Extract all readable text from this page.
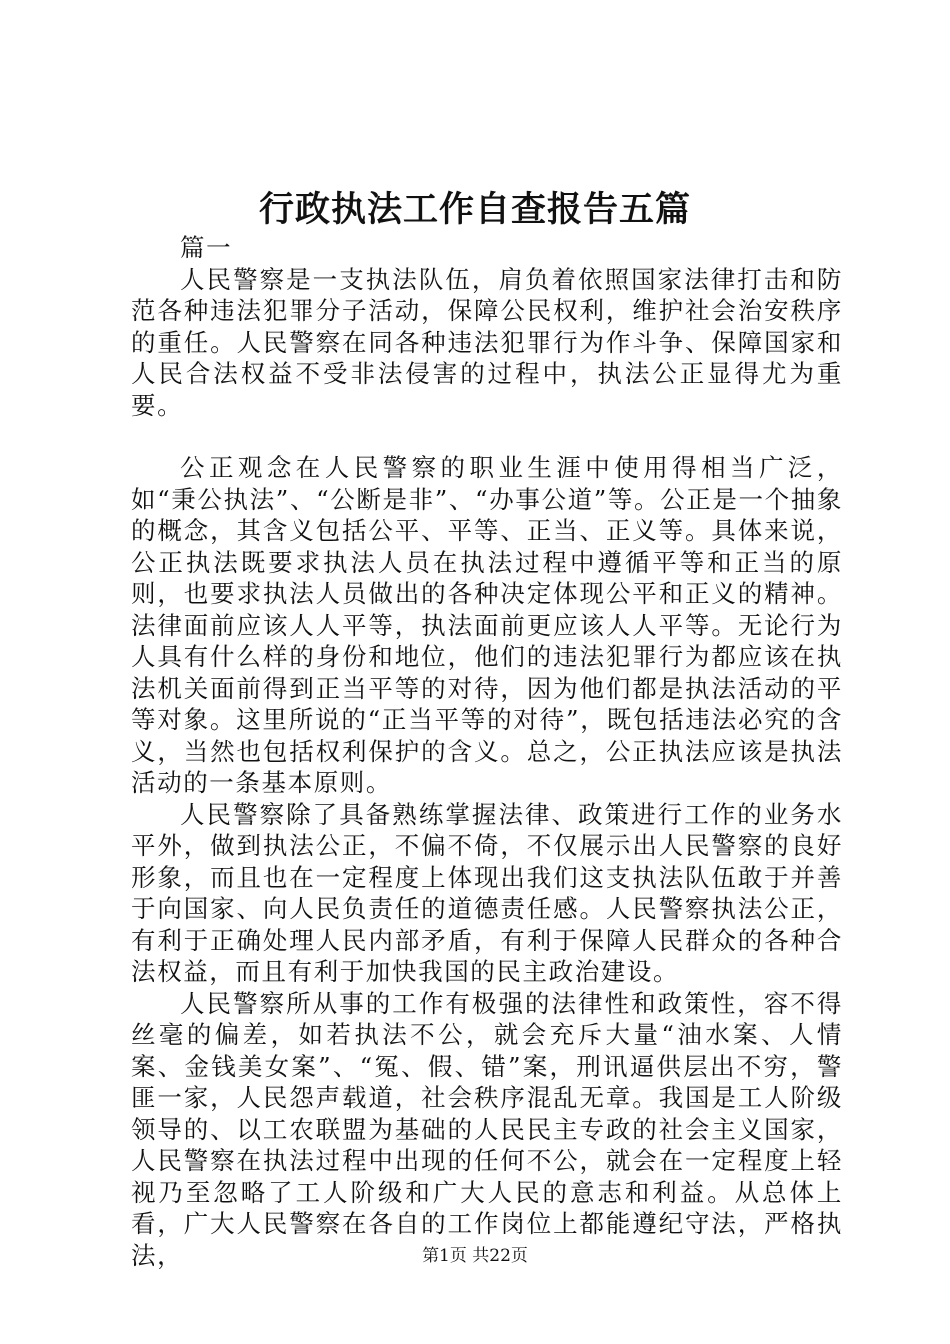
行政执法工作自查报告五篇

篇一

人民警察是一支执法队伍，肩负着依照国家法律打击和防范各种违法犯罪分子活动，保障公民权利，维护社会治安秩序的重任。人民警察在同各种违法犯罪行为作斗争、保障国家和人民合法权益不受非法侵害的过程中，执法公正显得尤为重要。

公正观念在人民警察的职业生涯中使用得相当广泛，如“秉公执法”、“公断是非”、“办事公道”等。公正是一个抽象的概念，其含义包括公平、平等、正当、正义等。具体来说，公正执法既要求执法人员在执法过程中遵循平等和正当的原则，也要求执法人员做出的各种决定体现公平和正义的精神。法律面前应该人人平等，执法面前更应该人人平等。无论行为人具有什么样的身份和地位，他们的违法犯罪行为都应该在执法机关面前得到正当平等的对待，因为他们都是执法活动的平等对象。这里所说的“正当平等的对待”，既包括违法必究的含义，当然也包括权利保护的含义。总之，公正执法应该是执法活动的一条基本原则。

人民警察除了具备熟练掌握法律、政策进行工作的业务水平外，做到执法公正，不偏不倚，不仅展示出人民警察的良好形象，而且也在一定程度上体现出我们这支执法队伍敢于并善于向国家、向人民负责任的道德责任感。人民警察执法公正，有利于正确处理人民内部矛盾，有利于保障人民群众的各种合法权益，而且有利于加快我国的民主政治建设。

人民警察所从事的工作有极强的法律性和政策性，容不得丝毫的偏差，如若执法不公，就会充斥大量“油水案、人情案、金钱美女案”、“冤、假、错”案，刑讯逼供层出不穷，警匪一家，人民怨声载道，社会秩序混乱无章。我国是工人阶级领导的、以工农联盟为基础的人民民主专政的社会主义国家，人民警察在执法过程中出现的任何不公，就会在一定程度上轻视乃至忽略了工人阶级和广大人民的意志和利益。从总体上看，广大人民警察在各自的工作岗位上都能遵纪守法，严格执法，	第1页 共22页
